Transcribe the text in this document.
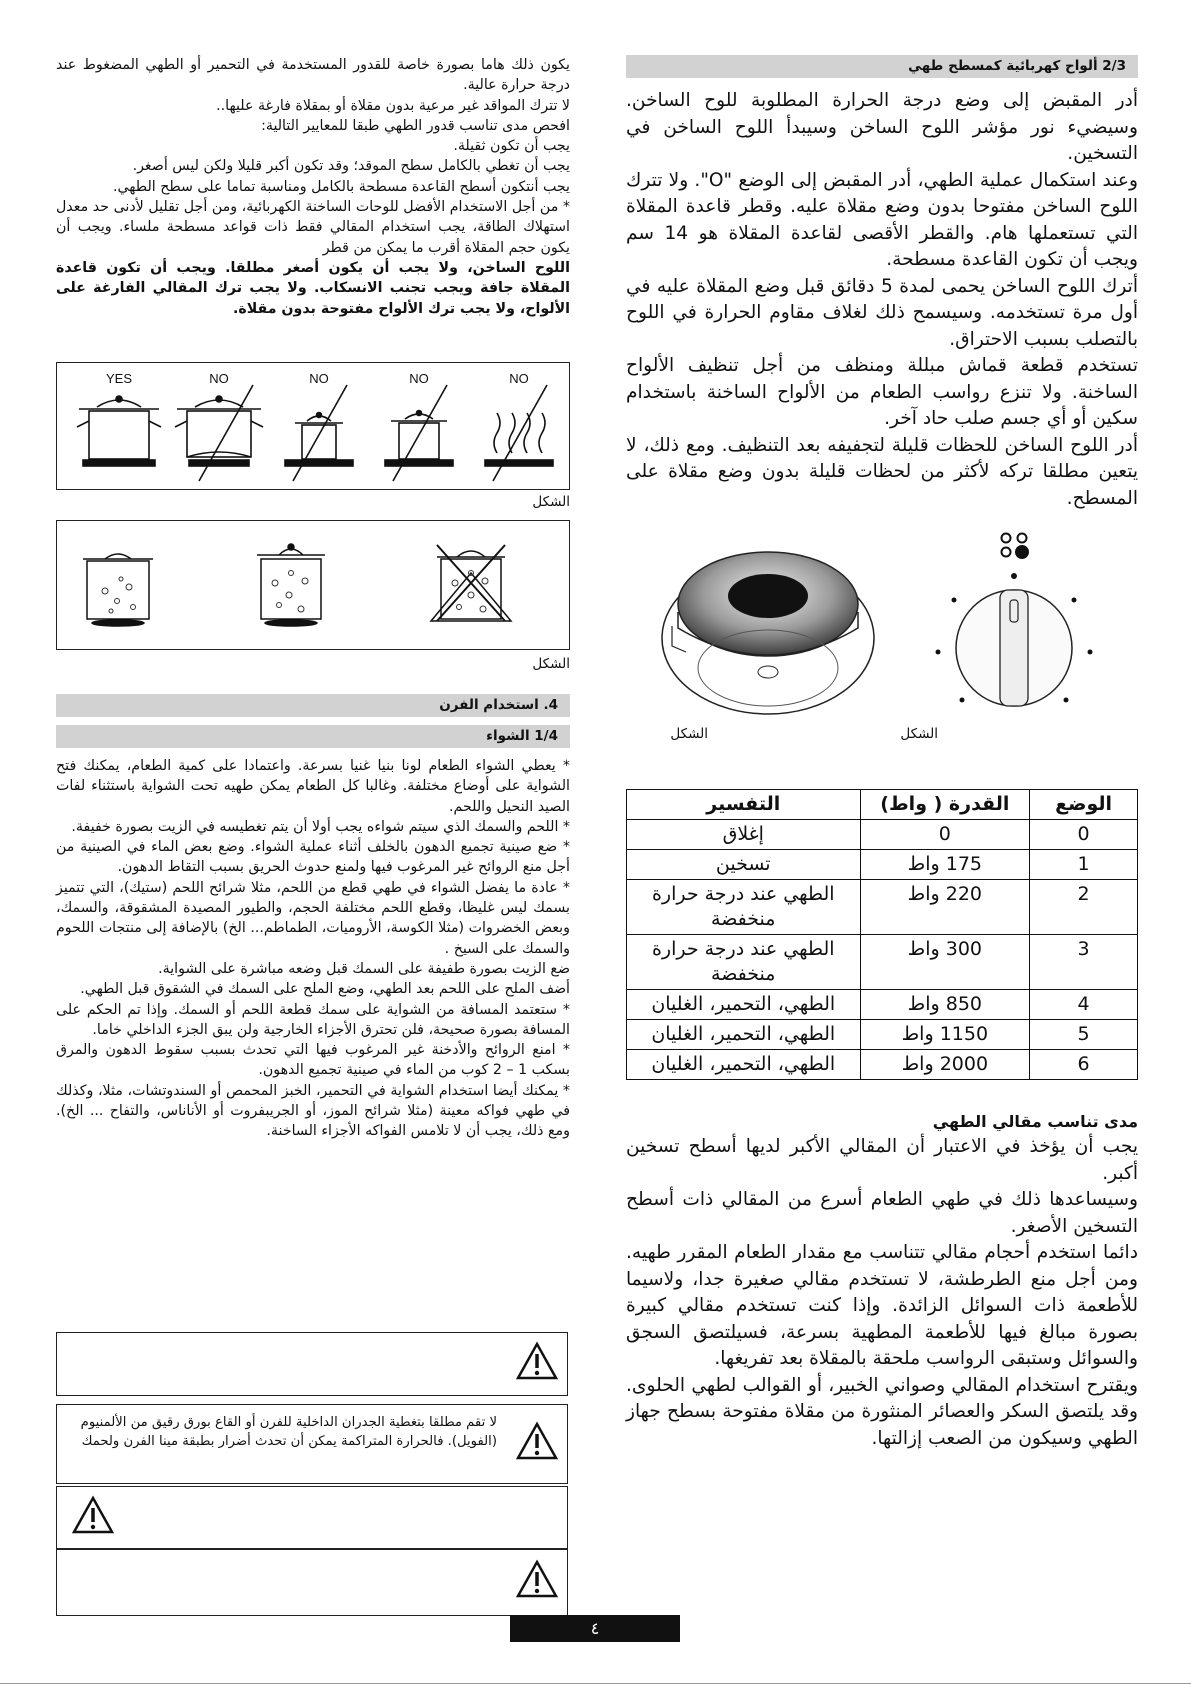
يكون ذلك هاما بصورة خاصة للقدور المستخدمة في التحمير أو الطهي المضغوط عند درجة حرارة عالية.

لا تترك المواقد غير مرعية بدون مقلاة أو بمقلاة فارغة عليها..

افحص مدى تناسب قدور الطهي طبقا للمعايير التالية:

يجب أن تكون ثقيلة.

يجب أن تغطي بالكامل سطح الموقد؛ وقد تكون أكبر قليلا ولكن ليس أصغر.

يجب أنتكون أسطح القاعدة مسطحة بالكامل ومناسبة تماما على سطح الطهي.

* من أجل الاستخدام الأفضل للوحات الساخنة الكهربائية، ومن أجل تقليل لأدنى حد معدل استهلاك الطاقة، يجب استخدام المقالي فقط ذات قواعد مسطحة ملساء. ويجب أن يكون حجم المقلاة أقرب ما يمكن من قطر

اللوح الساخن، ولا يجب أن يكون أصغر مطلقا. ويجب أن تكون قاعدة المقلاة جافة ويجب تجنب الانسكاب. ولا يجب ترك المقالي الفارغة على الألواح، ولا يجب ترك الألواح مفتوحة بدون مقلاة.

YES	NO	NO	NO	NO
الشكل
الشكل
4. استخدام الفرن
1/4 الشواء

* يعطي الشواء الطعام لونا بنيا غنيا بسرعة. واعتمادا على كمية الطعام، يمكنك فتح الشواية على أوضاع مختلفة. وغالبا كل الطعام يمكن طهيه تحت الشواية باستثناء لفات الصيد النحيل واللحم.

* اللحم والسمك الذي سيتم شواءه يجب أولا أن يتم تغطيسه في الزيت بصورة خفيفة.

* ضع صينية تجميع الدهون بالخلف أثناء عملية الشواء. وضع بعض الماء في الصينية من أجل منع الروائح غير المرغوب فيها ولمنع حدوث الحريق بسبب التقاط الدهون.

* عادة ما يفضل الشواء في طهي قطع من اللحم، مثلا شرائح اللحم (ستيك)، التي تتميز بسمك ليس غليظا، وقطع اللحم مختلفة الحجم، والطيور المصيدة المشقوقة، والسمك، وبعض الخضروات (مثلا الكوسة، الأروميات، الطماطم... الخ) بالإضافة إلى منتجات اللحوم والسمك على السيخ .

ضع الزيت بصورة طفيفة على السمك قبل وضعه مباشرة على الشواية.

أضف الملح على اللحم بعد الطهي، وضع الملح على السمك في الشقوق قبل الطهي.

* ستعتمد المسافة من الشواية على سمك قطعة اللحم أو السمك. وإذا تم الحكم على المسافة بصورة صحيحة، فلن تحترق الأجزاء الخارجية ولن يبق الجزء الداخلي خاما.

* امنع الروائح والأدخنة غير المرغوب فيها التي تحدث بسبب سقوط الدهون والمرق بسكب 1 – 2 كوب من الماء في صينية تجميع الدهون.

* يمكنك أيضا استخدام الشواية في التحمير، الخبز المحمص أو السندوتشات، مثلا، وكذلك في طهي فواكه معينة (مثلا شرائح الموز، أو الجريبفروت أو الأناناس، والتفاح ... الخ). ومع ذلك، يجب أن لا تلامس الفواكه الأجزاء الساخنة.

لا تقم مطلقا بتغطية الجدران الداخلية للفرن أو القاع بورق رقيق من الألمنيوم (الفويل). فالحرارة المتراكمة يمكن أن تحدث أضرار بطبقة مينا الفرن ولحمك
2/3 ألواح كهربائية كمسطح طهي

أدر المقبض إلى وضع درجة الحرارة المطلوبة للوح الساخن. وسيضيء نور مؤشر اللوح الساخن وسيبدأ اللوح الساخن في التسخين.

وعند استكمال عملية الطهي، أدر المقبض إلى الوضع "O". ولا تترك اللوح الساخن مفتوحا بدون وضع مقلاة عليه. وقطر قاعدة المقلاة التي تستعملها هام. والقطر الأقصى لقاعدة المقلاة هو 14 سم ويجب أن تكون القاعدة مسطحة.

أترك اللوح الساخن يحمى لمدة 5 دقائق قبل وضع المقلاة عليه في أول مرة تستخدمه. وسيسمح ذلك لغلاف مقاوم الحرارة في اللوح بالتصلب بسبب الاحتراق.

تستخدم قطعة قماش مبللة ومنظف من أجل تنظيف الألواح الساخنة. ولا تنزع رواسب الطعام من الألواح الساخنة باستخدام سكين أو أي جسم صلب حاد آخر.

أدر اللوح الساخن للحظات قليلة لتجفيفه بعد التنظيف. ومع ذلك، لا يتعين مطلقا تركه لأكثر من لحظات قليلة بدون وضع مقلاة على المسطح.

الشكل	الشكل
الوضع	القدرة ( واط)	التفسير
0	0	إغلاق
1	175 واط	تسخين
2	220 واط	الطهي عند درجة حرارة منخفضة
3	300 واط	الطهي عند درجة حرارة منخفضة
4	850 واط	الطهي، التحمير، الغليان
5	1150 واط	الطهي، التحمير، الغليان
6	2000 واط	الطهي، التحمير، الغليان
مدى تناسب مقالي الطهي

يجب أن يؤخذ في الاعتبار أن المقالي الأكبر لديها أسطح تسخين أكبر.

وسيساعدها ذلك في طهي الطعام أسرع من المقالي ذات أسطح التسخين الأصغر.

دائما استخدم أحجام مقالي تتناسب مع مقدار الطعام المقرر طهيه. ومن أجل منع الطرطشة، لا تستخدم مقالي صغيرة جدا، ولاسيما للأطعمة ذات السوائل الزائدة. وإذا كنت تستخدم مقالي كبيرة بصورة مبالغ فيها للأطعمة المطهية بسرعة، فسيلتصق السجق والسوائل وستبقى الرواسب ملحقة بالمقلاة بعد تفريغها.

ويقترح استخدام المقالي وصواني الخبير، أو القوالب لطهي الحلوى. وقد يلتصق السكر والعصائر المنثورة من مقلاة مفتوحة بسطح جهاز الطهي وسيكون من الصعب إزالتها.

٤
